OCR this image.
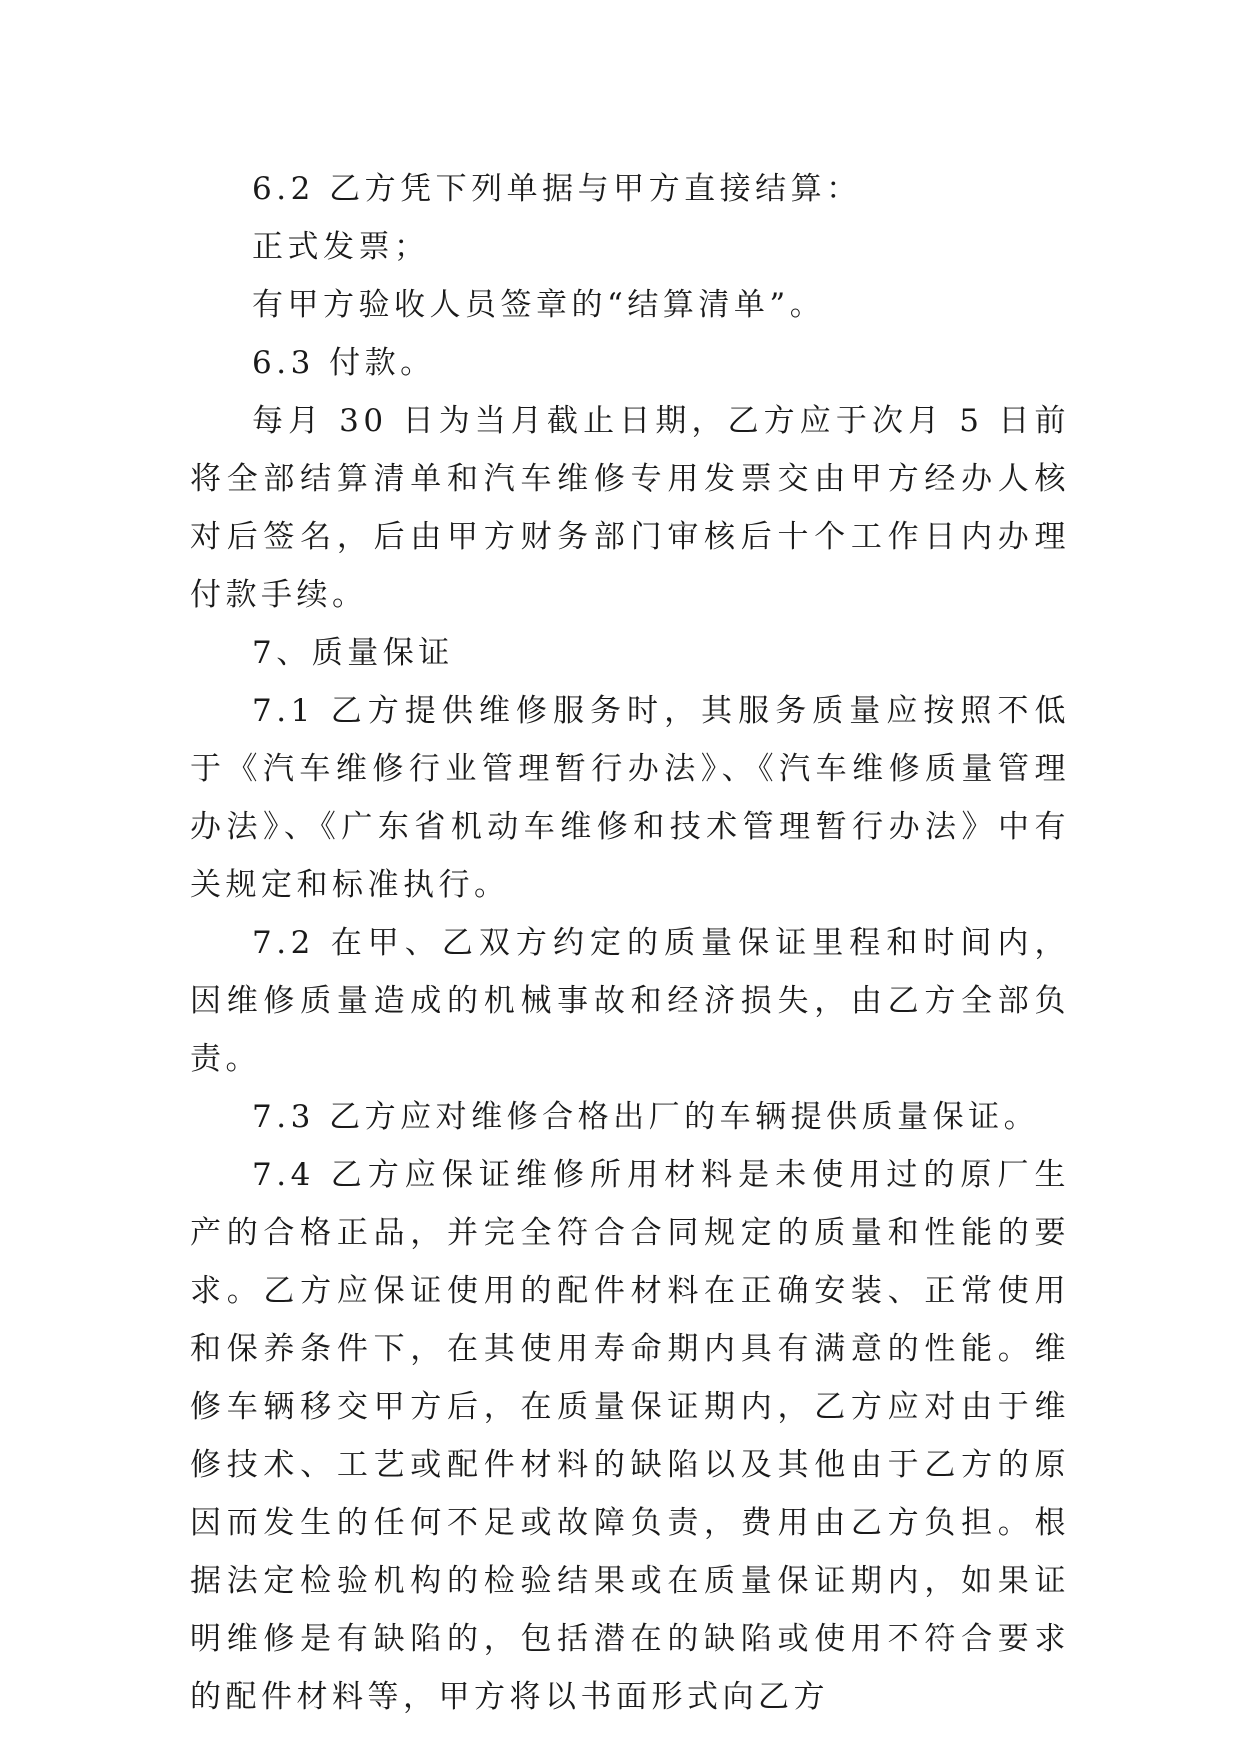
6.2 乙方凭下列单据与甲方直接结算：

正式发票；

有甲方验收人员签章的“结算清单”。

6.3 付款。

每月 30 日为当月截止日期，乙方应于次月 5 日前将全部结算清单和汽车维修专用发票交由甲方经办人核对后签名，后由甲方财务部门审核后十个工作日内办理付款手续。

7、质量保证

7.1 乙方提供维修服务时，其服务质量应按照不低于《汽车维修行业管理暂行办法》、《汽车维修质量管理办法》、《广东省机动车维修和技术管理暂行办法》中有关规定和标准执行。

7.2 在甲、乙双方约定的质量保证里程和时间内，因维修质量造成的机械事故和经济损失，由乙方全部负责。

7.3 乙方应对维修合格出厂的车辆提供质量保证。

7.4 乙方应保证维修所用材料是未使用过的原厂生产的合格正品，并完全符合合同规定的质量和性能的要求。乙方应保证使用的配件材料在正确安装、正常使用和保养条件下，在其使用寿命期内具有满意的性能。维修车辆移交甲方后，在质量保证期内，乙方应对由于维修技术、工艺或配件材料的缺陷以及其他由于乙方的原因而发生的任何不足或故障负责，费用由乙方负担。根据法定检验机构的检验结果或在质量保证期内，如果证明维修是有缺陷的，包括潜在的缺陷或使用不符合要求的配件材料等，甲方将以书面形式向乙方
